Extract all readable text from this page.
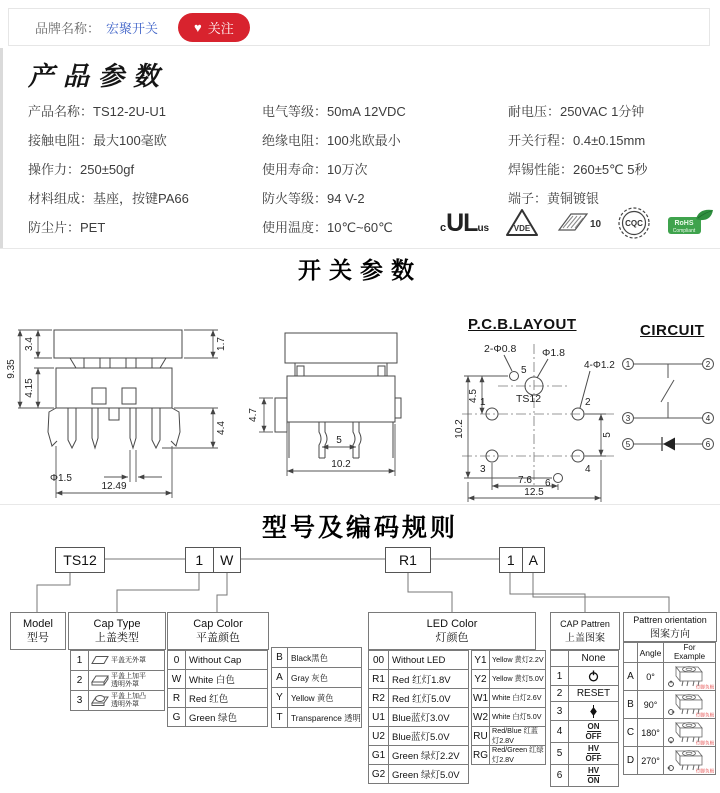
品牌名称： 宏聚开关	♥ 关注
产品参数
产品名称：TS12-2U-U1
接触电阻：最大100毫欧
操作力：250±50gf
材料组成：基座，按键PA66
防尘片：PET
电气等级：50mA 12VDC
绝缘电阻：100兆欧最小
使用寿命：10万次
防火等级：94 V-2
使用温度：10℃~60℃
耐电压：250VAC 1分钟
开关行程：0.4±0.15mm
焊锡性能：260±5℃ 5秒
端子：黄铜镀银
c UL us	VDE	10	CQC	RoHS
Compliant
开关参数
1.7
3.4
9.35
4.15
4.4
Φ1.5
12.49
4.7
5
10.2
P.C.B.LAYOUT
2-Φ0.8 Φ1.8
4-Φ1.2
TS12
1	2
3	4
5
6
10.2
4.5
5
7.6
12.5
CIRCUIT
1	2
3	4
5	6
型号及编码规则
TS12	1	W	R1	1 A
Model
型号
Cap Type
上盖类型
1	平盖无外罩
2	平盖上加平
透明外罩
3	平盖上加凸
透明外罩
Cap Color
平盖颜色
0	Without Cap
W White 白色
R Red 红色
G Green 绿色
B Black黑色
A Gray 灰色
Y Yellow 黄色
T	Transparence 透明
LED Color
灯颜色
00 Without LED
R1 Red 红灯1.8V
R2 Red 红灯5.0V
U1 Blue蓝灯3.0V
U2 Blue蓝灯5.0V
G1 Green 绿灯2.2V
G2 Green 绿灯5.0V
Y1 Yellow 黄灯2.2V
Y2 Yellow 黄灯5.0V
W1 White 白灯2.6V
W2 White 白灯5.0V
RU Red/Blue 红蓝灯2.8V
RG Red/Green 红绿灯2.8V
CAP Pattren
上盖图案
None
1
2	RESET
3
4	$\frac{ON}{\text{OFF}}$
5	$\frac{HV}{\text{OFF}}$
6	$\frac{HV}{ON}$
Pattren orientation
图案方向
Angle	For
Example
A	0°
灯脚负极
B	90°
灯脚负极
C 180°
灯脚负极
D 270°
灯脚负极
